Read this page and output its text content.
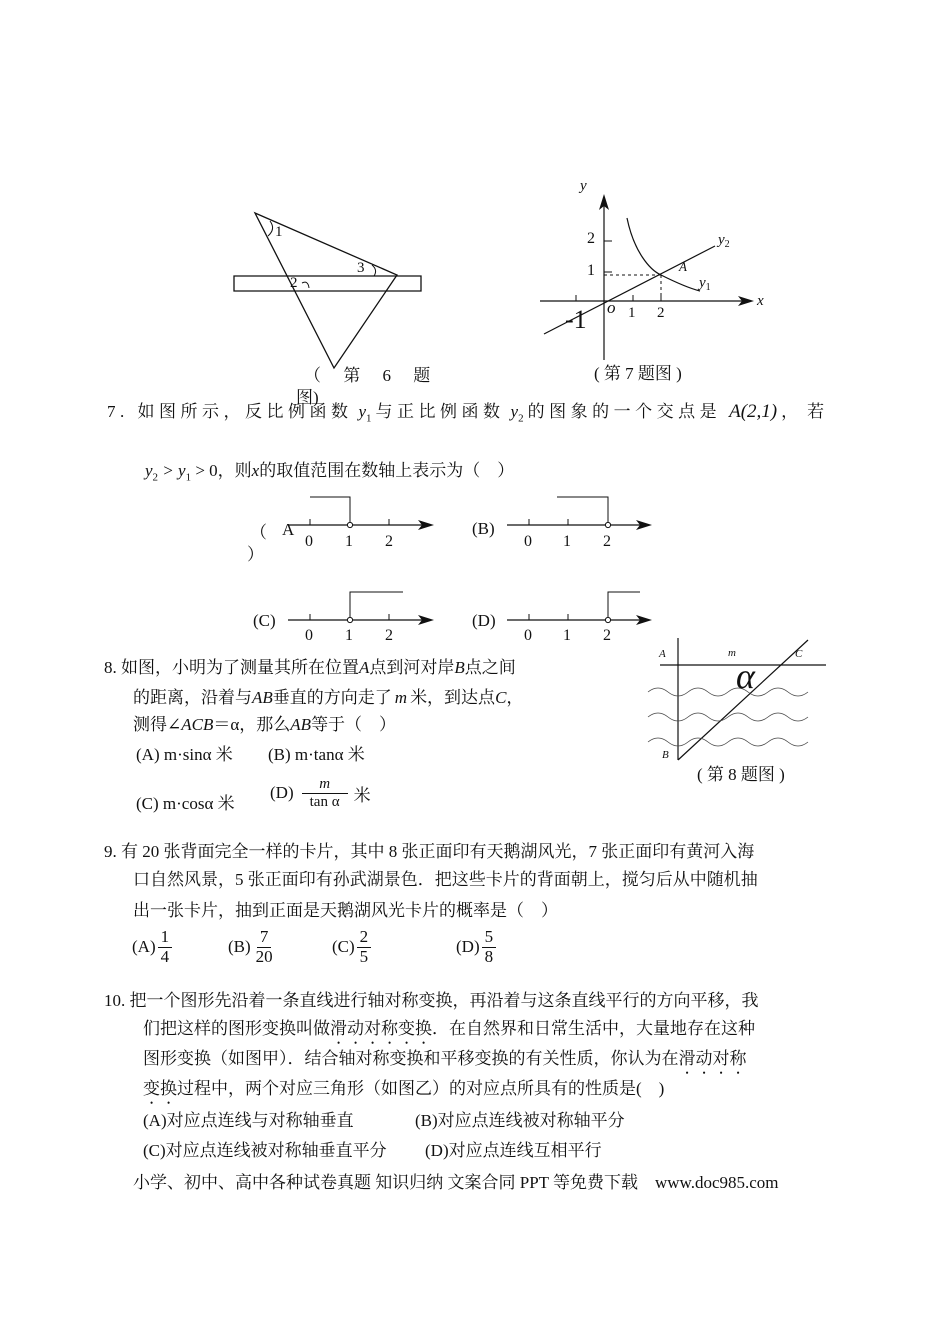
1
2
3
（ 第 6 题
图)
y
x
o
2
1
-1	1 2
$y_2$
$y_1$
A
( 第 7 题图 )
7. 如图所示，反比例函数 $y_1$ 与正比例函数 $y_2$ 的图象的一个交点是 A(2,1) ，若
$y_2 > y_1 > 0$，则x的取值范围在数轴上表示为（　）
0 1 2	0 1 2
0 1 2	0 1 2
（ A
）
(B)
(C)	(D)
8. 如图，小明为了测量其所在位置A点到河对岸B点之间
的距离，沿着与AB垂直的方向走了 m 米，到达点C，
测得∠ACB＝α，那么AB等于（　）
(A) m·sinα 米 (B) m·tanα 米
(C) m·cosα 米
$(D) \frac{m}{\text{tan α}}$ 米
A	m	C
α
B
( 第 8 题图 )
9. 有 20 张背面完全一样的卡片，其中 8 张正面印有天鹅湖风光，7 张正面印有黄河入海
口自然风景，5 张正面印有孙武湖景色．把这些卡片的背面朝上，搅匀后从中随机抽
出一张卡片，抽到正面是天鹅湖风光卡片的概率是（　）
$(A) \frac{1}{4}$	$(B) \frac{7}{20}$	$(C) \frac{2}{5}$	$(D) \frac{5}{8}$
10. 把一个图形先沿着一条直线进行轴对称变换，再沿着与这条直线平行的方向平移，我
们把这样的图形变换叫做滑动对称变换．在自然界和日常生活中，大量地存在这种
图形变换（如图甲）．结合轴对称变换和平移变换的有关性质，你认为在滑动对称
变换过程中，两个对应三角形（如图乙）的对应点所具有的性质是(　)
(A)对应点连线与对称轴垂直	(B)对应点连线被对称轴平分
(C)对应点连线被对称轴垂直平分 (D)对应点连线互相平行
小学、初中、高中各种试卷真题 知识归纳 文案合同 PPT 等免费下载　www.doc985.com
